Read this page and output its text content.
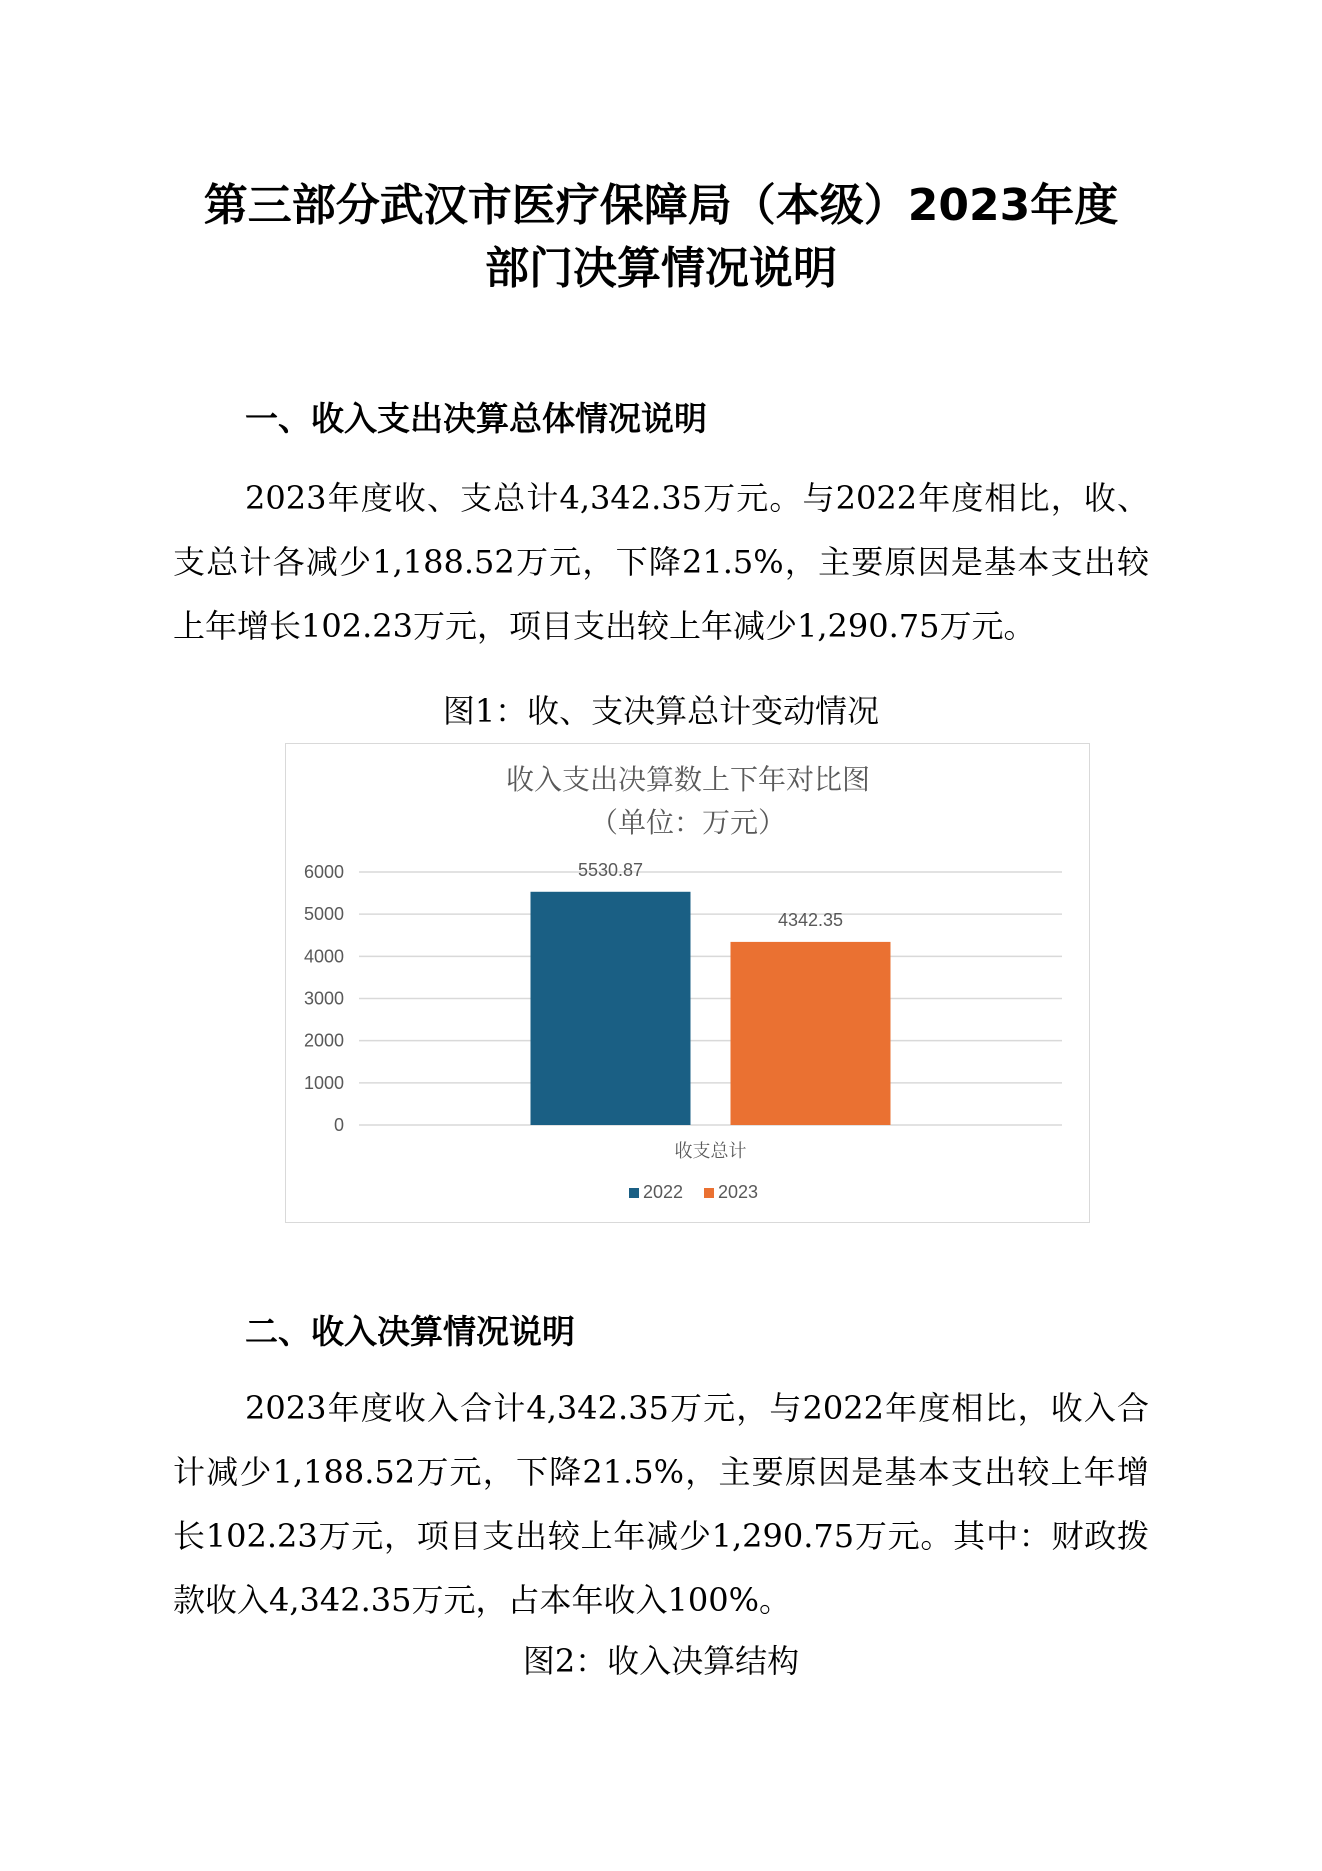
第三部分武汉市医疗保障局（本级）2023年度
部门决算情况说明
一、收入支出决算总体情况说明

2023年度收、支总计4,342.35万元。与2022年度相比，收、支总计各减少1,188.52万元，下降21.5%，主要原因是基本支出较上年增长102.23万元，项目支出较上年减少1,290.75万元。

图1：收、支决算总计变动情况

收入支出决算数上下年对比图
（单位：万元）
0
1000
2000
3000
4000
5000
6000	5530.87
4342.35
收支总计
2022 2023
二、收入决算情况说明

2023年度收入合计4,342.35万元，与2022年度相比，收入合计减少1,188.52万元，下降21.5%，主要原因是基本支出较上年增长102.23万元，项目支出较上年减少1,290.75万元。其中：财政拨款收入4,342.35万元，占本年收入100%。

图2：收入决算结构
